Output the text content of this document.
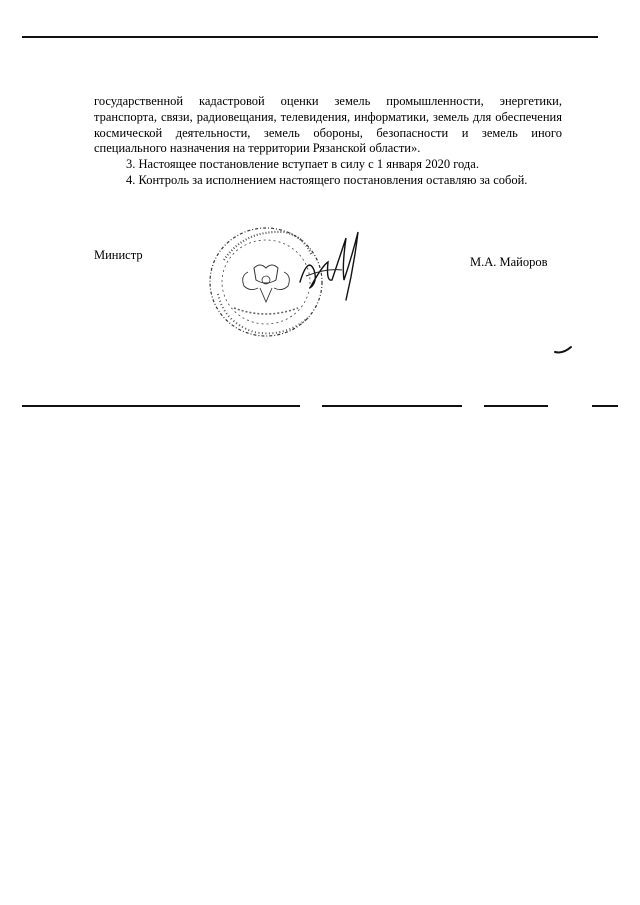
государственной кадастровой оценки земель промышленности, энергетики, транспорта, связи, радиовещания, телевидения, информатики, земель для обеспечения космической деятельности, земель обороны, безопасности и земель иного специального назначения на территории Рязанской области».

3. Настоящее постановление вступает в силу с 1 января 2020 года.

4. Контроль за исполнением настоящего постановления оставляю за собой.

Министр	М.А. Майоров
